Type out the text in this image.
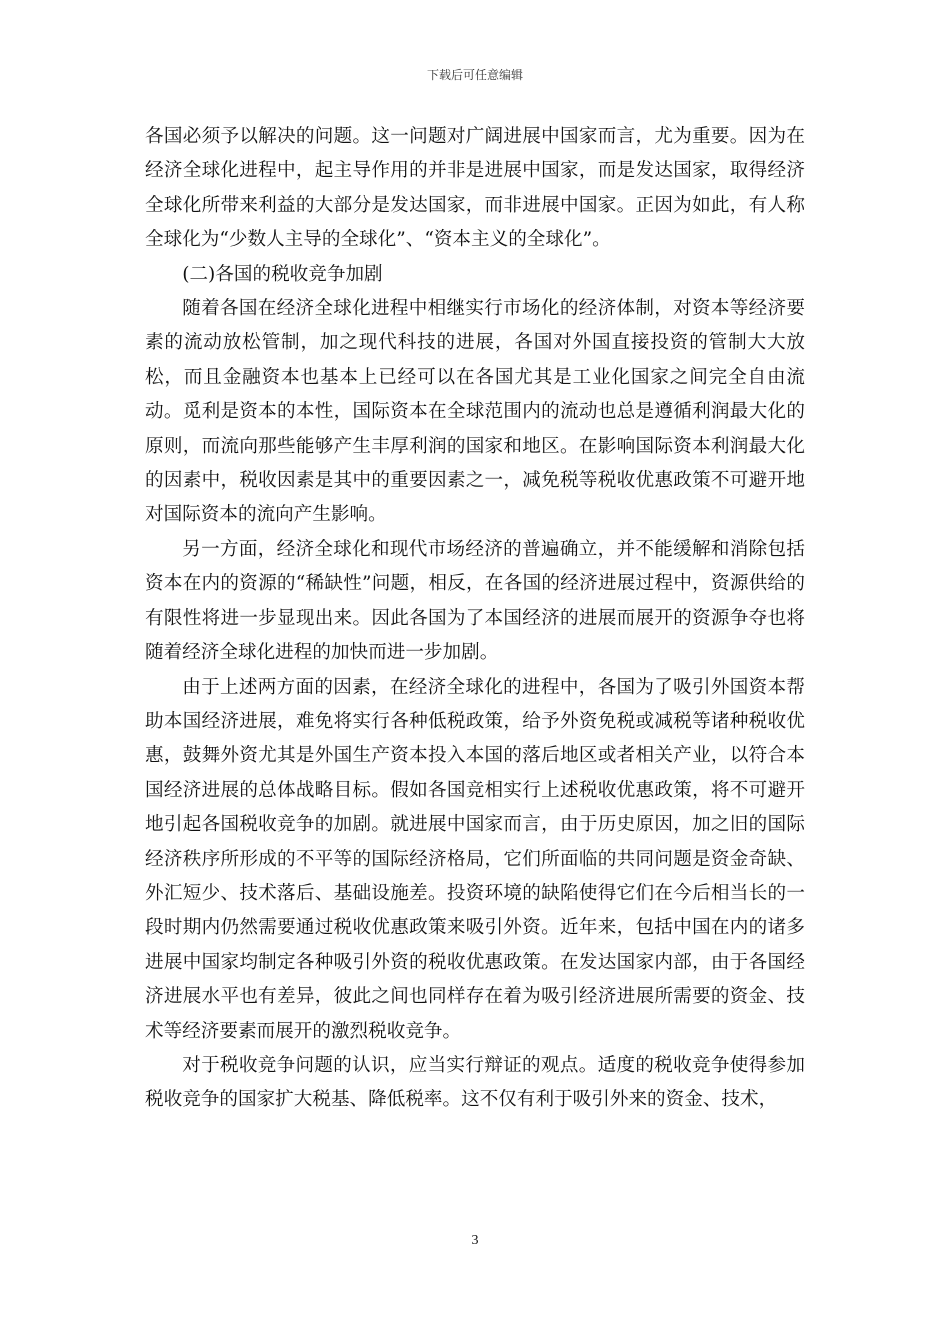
下载后可任意编辑

各国必须予以解决的问题。这一问题对广阔进展中国家而言，尤为重要。因为在经济全球化进程中，起主导作用的并非是进展中国家，而是发达国家，取得经济全球化所带来利益的大部分是发达国家，而非进展中国家。正因为如此，有人称全球化为“少数人主导的全球化”、“资本主义的全球化”。

(二)各国的税收竞争加剧

随着各国在经济全球化进程中相继实行市场化的经济体制，对资本等经济要素的流动放松管制，加之现代科技的进展，各国对外国直接投资的管制大大放松，而且金融资本也基本上已经可以在各国尤其是工业化国家之间完全自由流动。觅利是资本的本性，国际资本在全球范围内的流动也总是遵循利润最大化的原则，而流向那些能够产生丰厚利润的国家和地区。在影响国际资本利润最大化的因素中，税收因素是其中的重要因素之一，减免税等税收优惠政策不可避开地对国际资本的流向产生影响。

另一方面，经济全球化和现代市场经济的普遍确立，并不能缓解和消除包括资本在内的资源的“稀缺性”问题，相反，在各国的经济进展过程中，资源供给的有限性将进一步显现出来。因此各国为了本国经济的进展而展开的资源争夺也将随着经济全球化进程的加快而进一步加剧。

由于上述两方面的因素，在经济全球化的进程中，各国为了吸引外国资本帮助本国经济进展，难免将实行各种低税政策，给予外资免税或减税等诸种税收优惠，鼓舞外资尤其是外国生产资本投入本国的落后地区或者相关产业，以符合本国经济进展的总体战略目标。假如各国竞相实行上述税收优惠政策，将不可避开地引起各国税收竞争的加剧。就进展中国家而言，由于历史原因，加之旧的国际经济秩序所形成的不平等的国际经济格局，它们所面临的共同问题是资金奇缺、外汇短少、技术落后、基础设施差。投资环境的缺陷使得它们在今后相当长的一段时期内仍然需要通过税收优惠政策来吸引外资。近年来，包括中国在内的诸多进展中国家均制定各种吸引外资的税收优惠政策。在发达国家内部，由于各国经济进展水平也有差异，彼此之间也同样存在着为吸引经济进展所需要的资金、技术等经济要素而展开的激烈税收竞争。

对于税收竞争问题的认识，应当实行辩证的观点。适度的税收竞争使得参加税收竞争的国家扩大税基、降低税率。这不仅有利于吸引外来的资金、技术，

3
